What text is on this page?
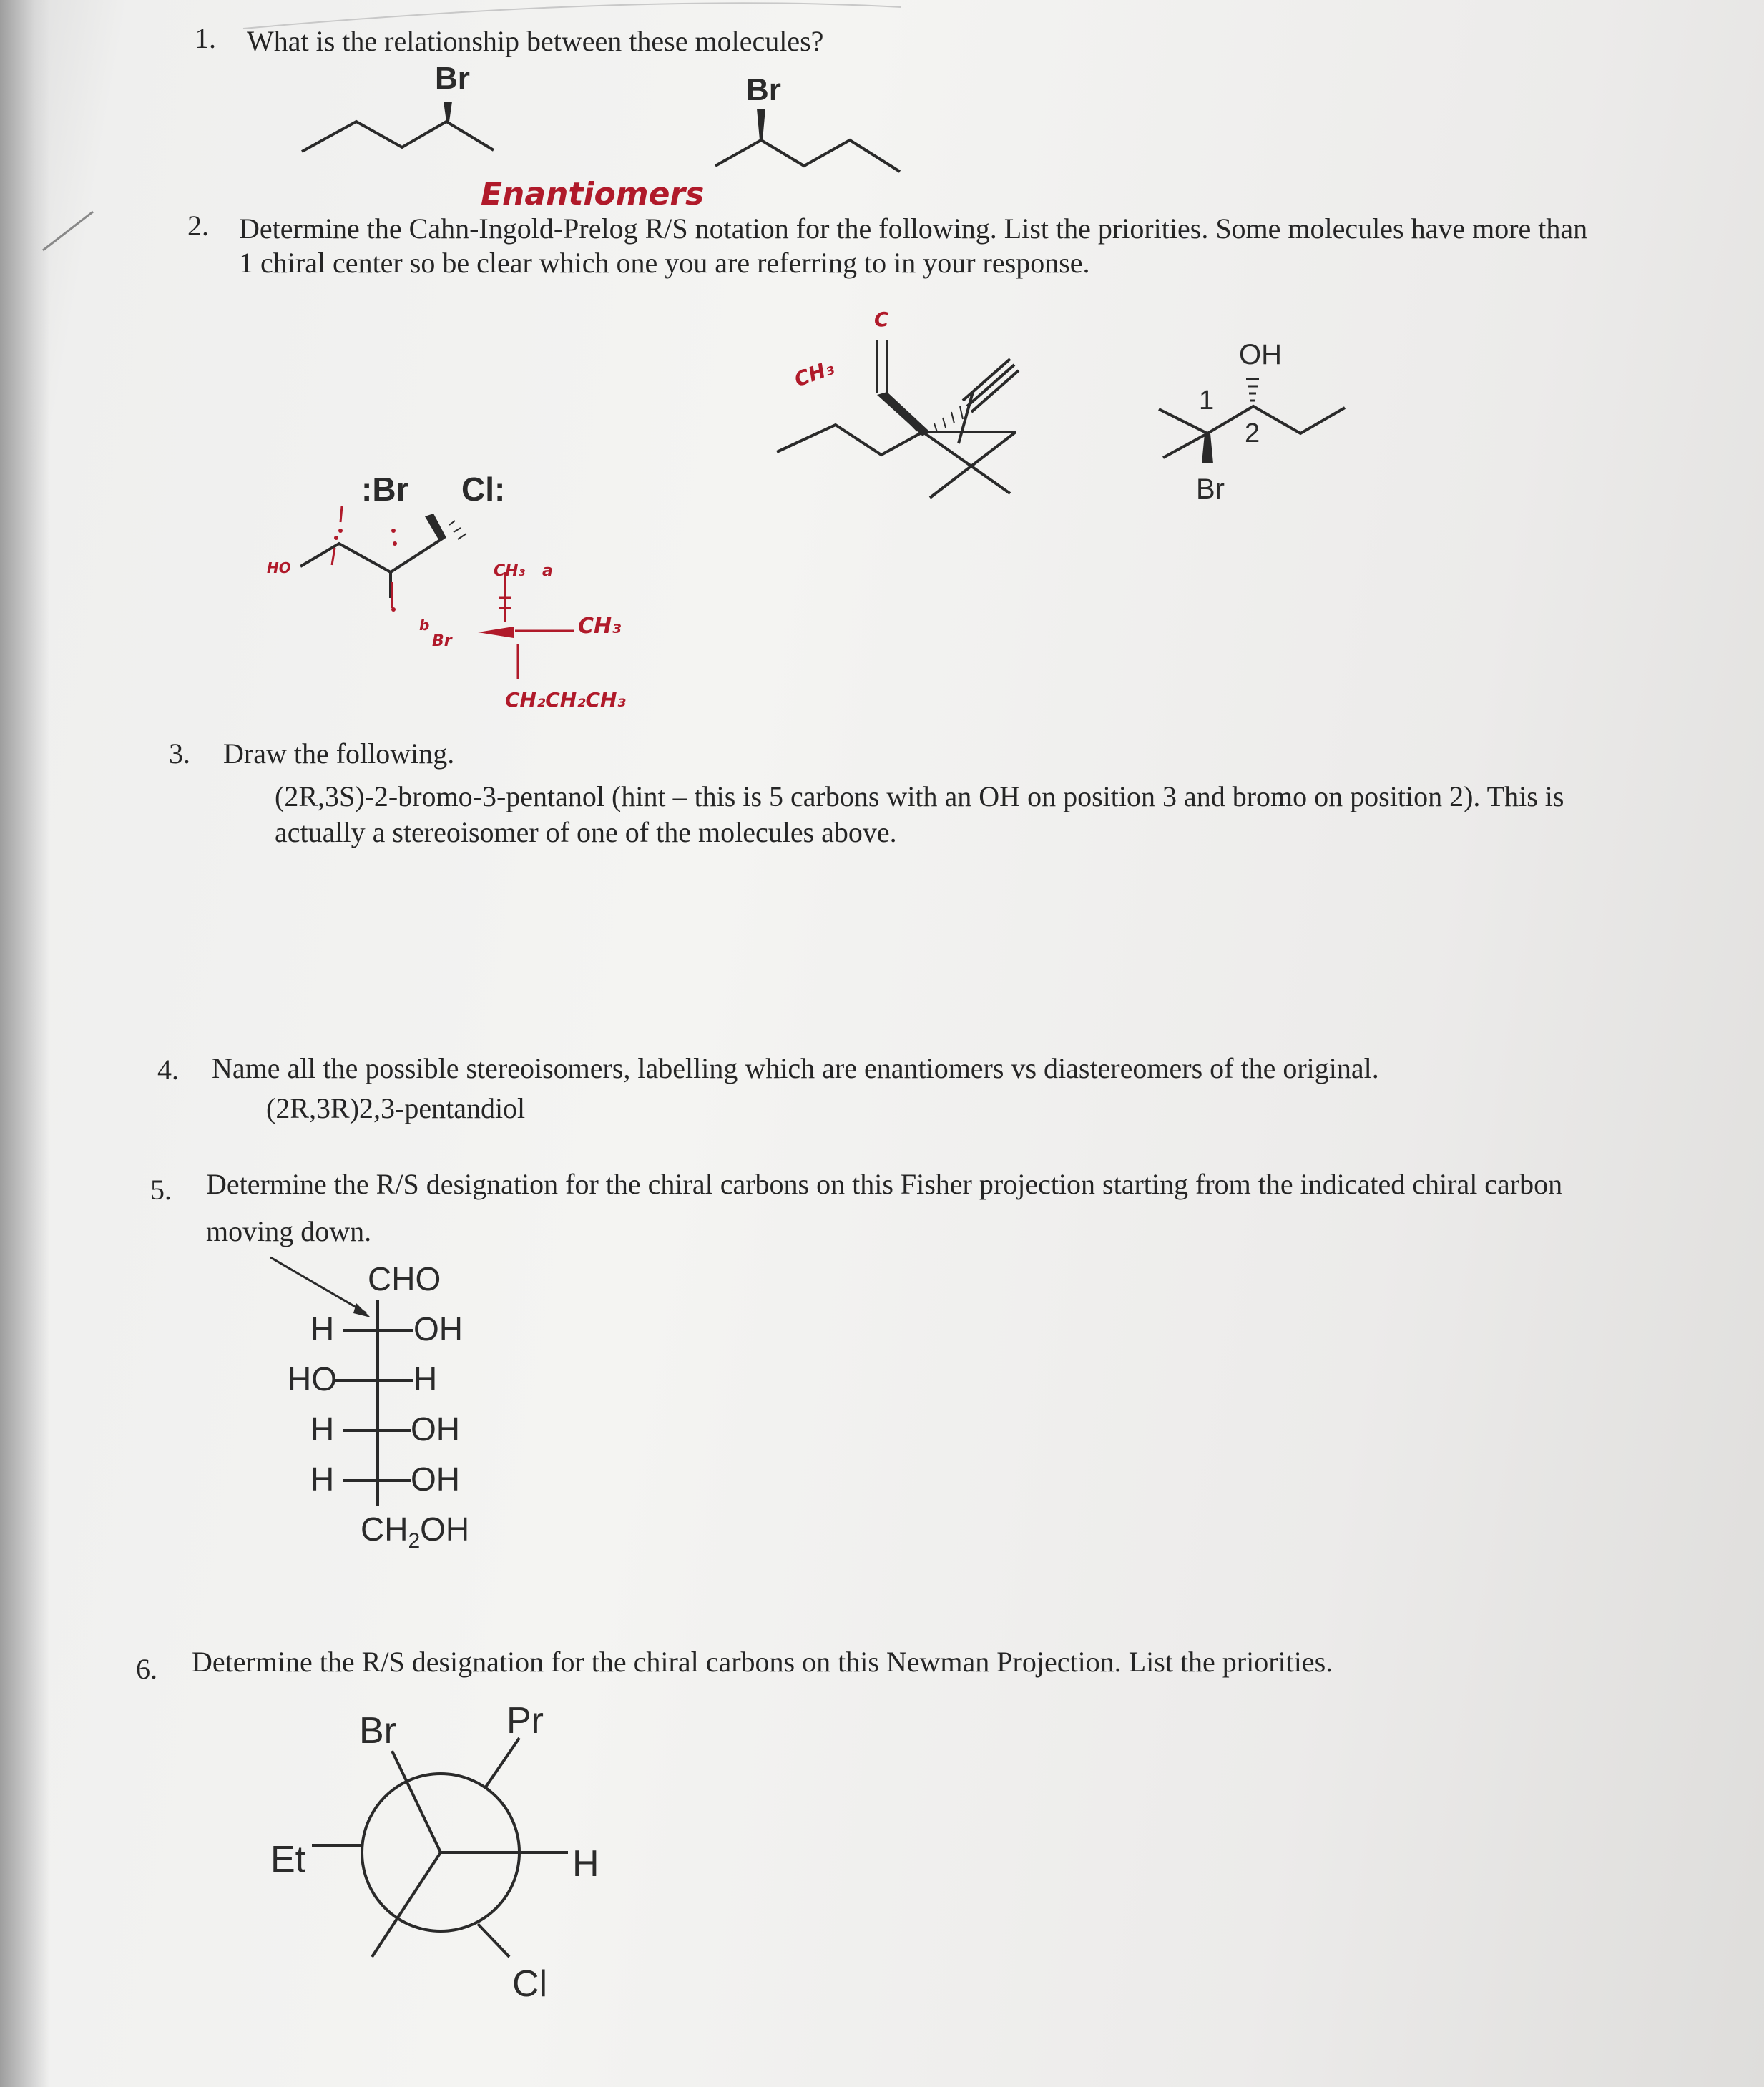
1. What is the relationship between these molecules?
Br	Br
Enantiomers
2. Determine the Cahn-Ingold-Prelog R/S notation for the following. List the priorities. Some molecules have more than
1 chiral center so be clear which one you are referring to in your response.
:Br Cl:
CH₃ a
CH₃
CH₂CH₂CH₃
b
Br
HO
C
CH₃
OH
Br
1
2
3. Draw the following.
(2R,3S)-2-bromo-3-pentanol (hint – this is 5 carbons with an OH on position 3 and bromo on position 2). This is
actually a stereoisomer of one of the molecules above.
4. Name all the possible stereoisomers, labelling which are enantiomers vs diastereomers of the original.
(2R,3R)2,3-pentandiol
5. Determine the R/S designation for the chiral carbons on this Fisher projection starting from the indicated chiral carbon
moving down.
CHO
H OH
HO H
H OH
H OH
$CH_2OH$
6. Determine the R/S designation for the chiral carbons on this Newman Projection. List the priorities.
Br	Pr
Et	H
Cl
